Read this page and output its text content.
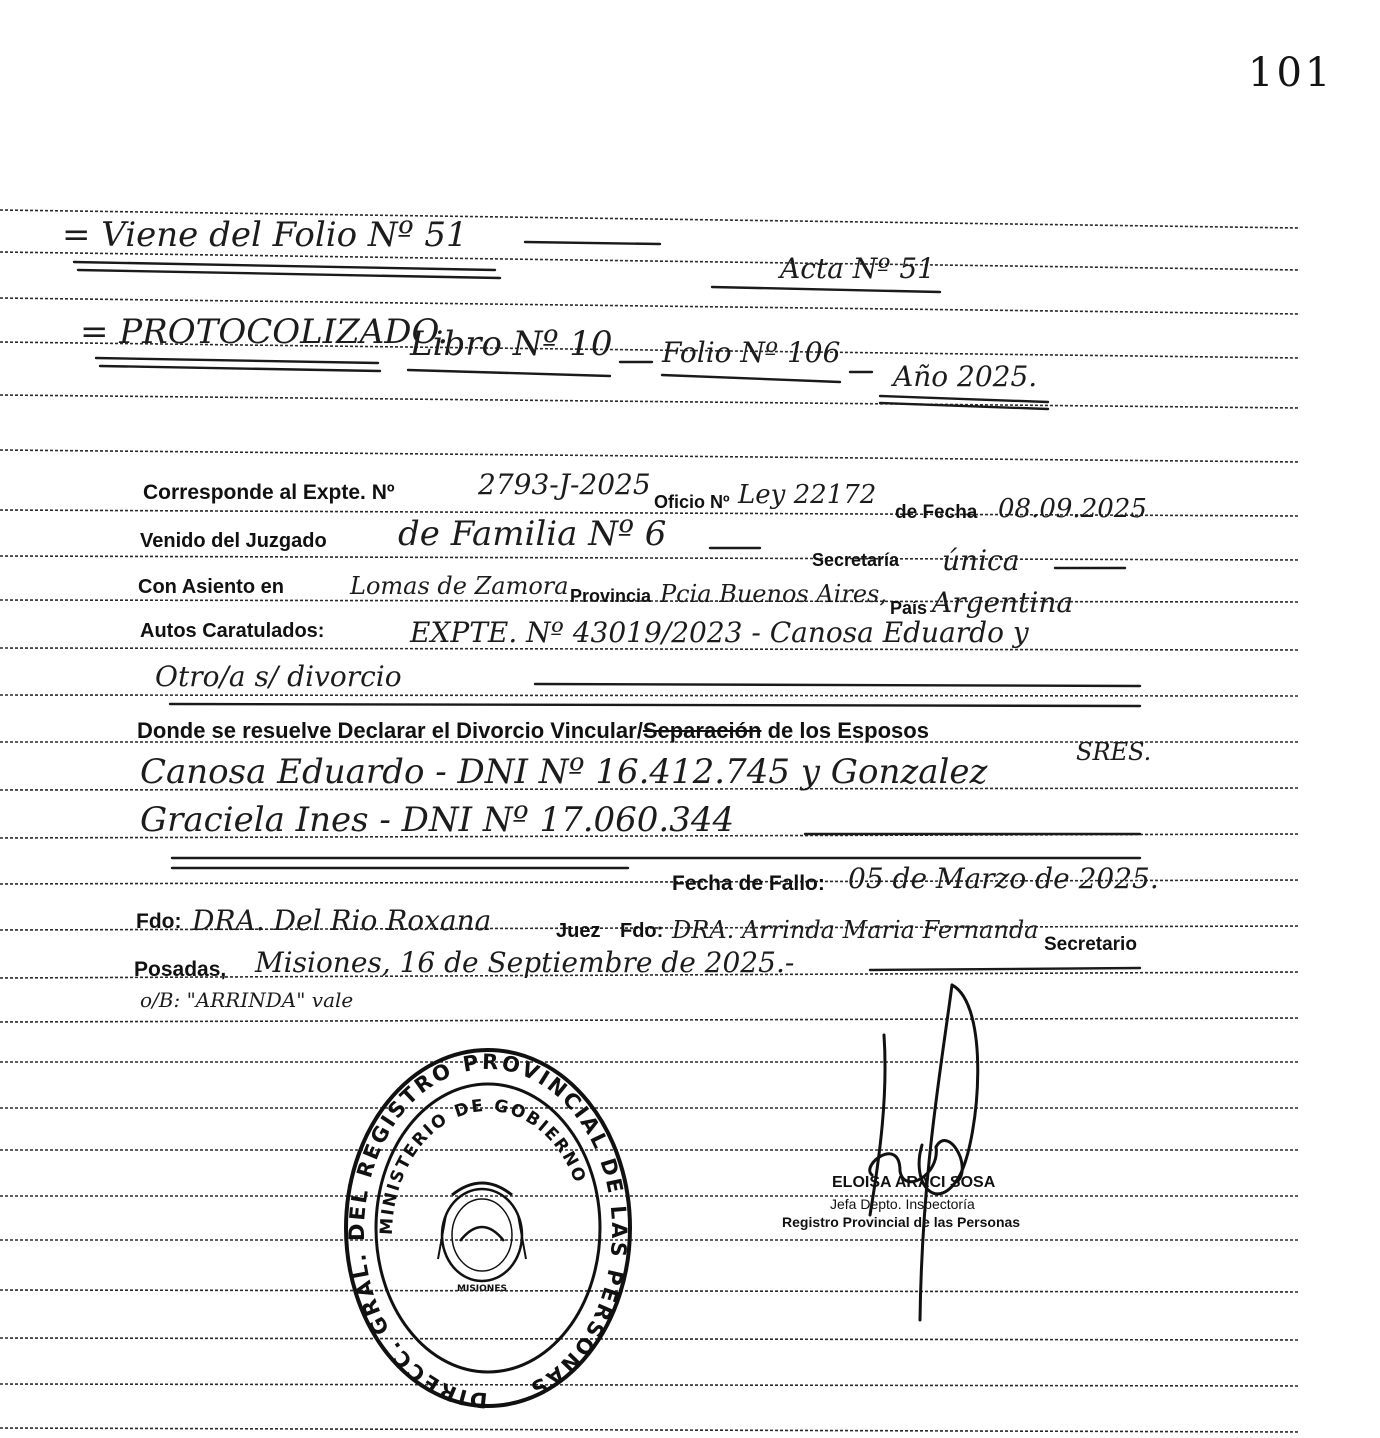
101
= Viene del Folio Nº 51
Acta Nº 51
= PROTOCOLIZADO.
Libro Nº 10 Folio Nº 106
Año 2025.
Corresponde al Expte. Nº	2793-J-2025
Oficio Nº Ley 22172
de Fecha 08.09.2025
Venido del Juzgado de Familia Nº 6
Secretaría única
Con Asiento en	Lomas de Zamora Provincia Pcia Buenos Aires, País Argentina
Autos Caratulados:	EXPTE. Nº 43019/2023 - Canosa Eduardo y
Otro/a s/ divorcio
Donde se resuelve Declarar el Divorcio Vincular/Separación de los Esposos
SRES.
Canosa Eduardo - DNI Nº 16.412.745 y Gonzalez
Graciela Ines - DNI Nº 17.060.344
Fecha de Fallo: 05 de Marzo de 2025.
Fdo: DRA. Del Rio Roxana	Juez Fdo: DRA. Arrinda Maria Fernanda
Secretario
Posadas, Misiones, 16 de Septiembre de 2025.-
o/B: "ARRINDA" vale
DIRECC. GRAL. DEL REGISTRO PROVINCIAL DE LAS PERSONAS
MINISTERIO DE GOBIERNO
MISIONES
ELOISA ARACI SOSA
Jefa Depto. Inspectoría
Registro Provincial de las Personas
